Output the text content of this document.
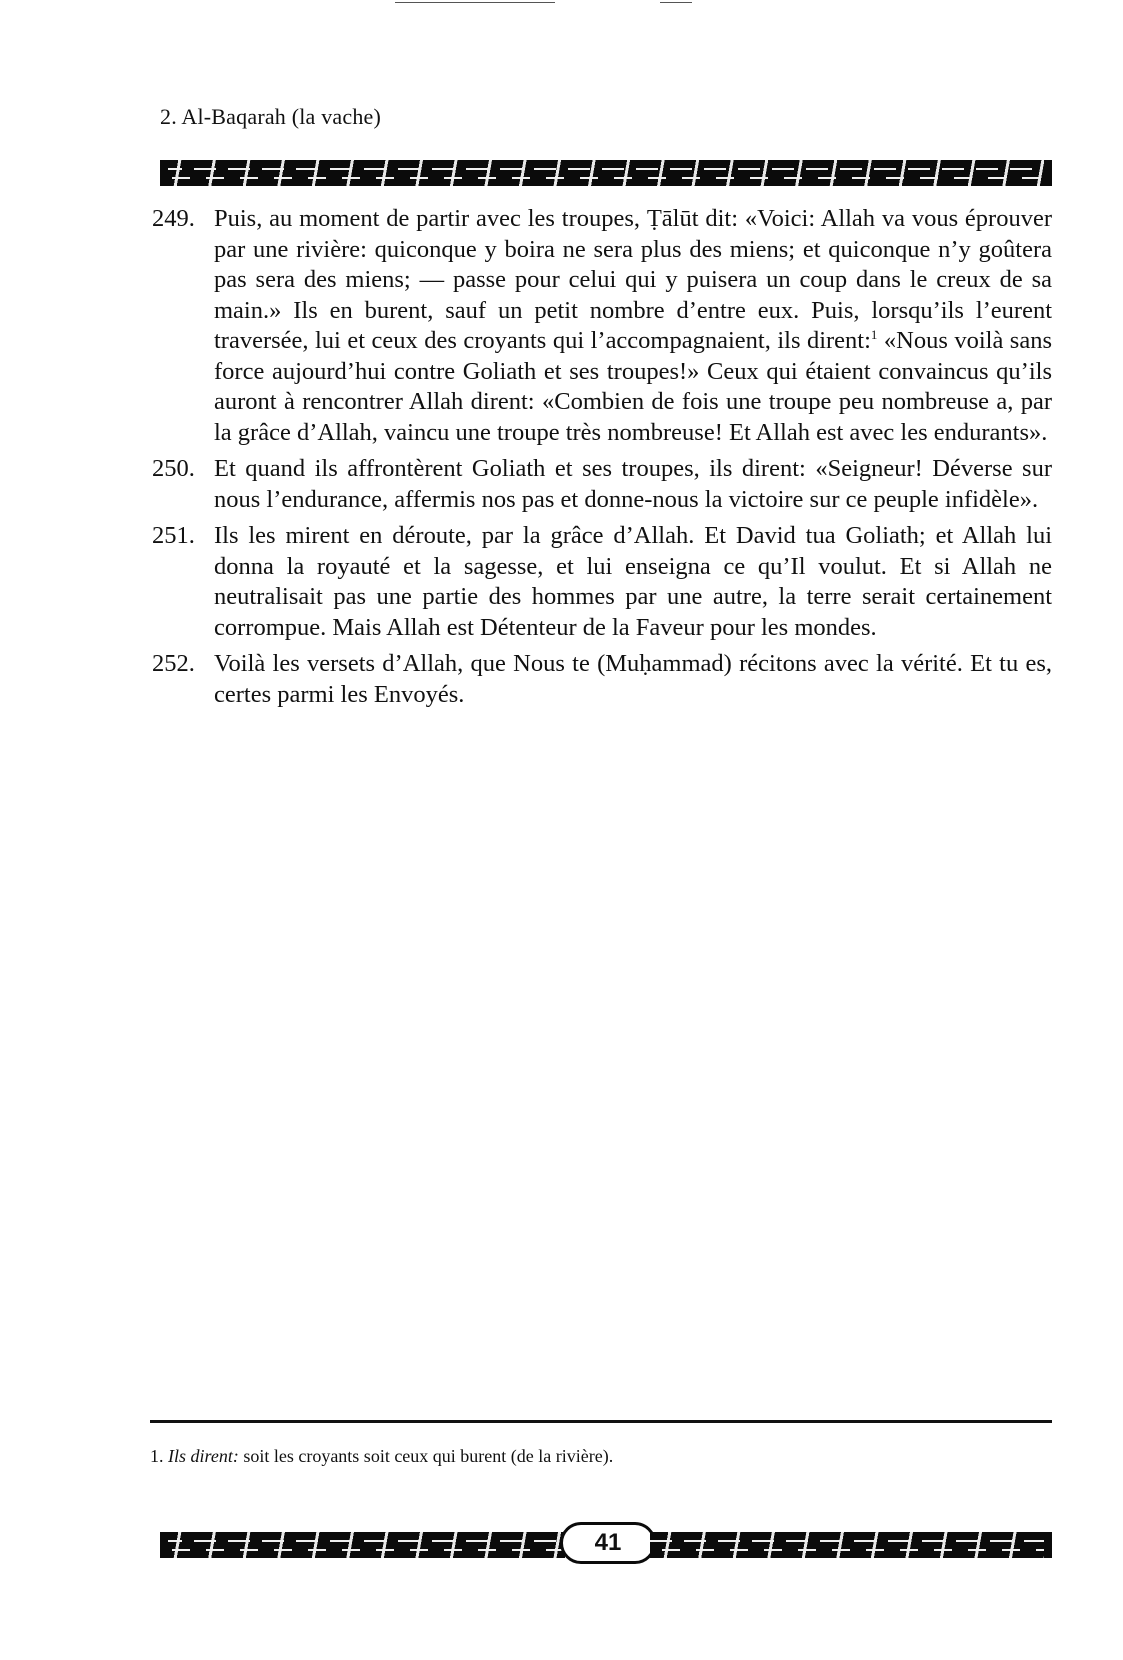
2. Al-Baqarah (la vache)
249. Puis, au moment de partir avec les troupes, Ṭālūt dit: «Voici: Allah va vous éprouver par une rivière: quiconque y boira ne sera plus des miens; et quiconque n’y goûtera pas sera des miens; — passe pour celui qui y puisera un coup dans le creux de sa main.» Ils en burent, sauf un petit nombre d’entre eux. Puis, lorsqu’ils l’eurent traversée, lui et ceux des croyants qui l’accompagnaient, ils dirent:$^1$ «Nous voilà sans force aujourd’hui contre Goliath et ses troupes!» Ceux qui étaient convaincus qu’ils auront à rencontrer Allah dirent: «Combien de fois une troupe peu nombreuse a, par la grâce d’Allah, vaincu une troupe très nombreuse! Et Allah est avec les endurants».
250. Et quand ils affrontèrent Goliath et ses troupes, ils dirent: «Seigneur! Déverse sur nous l’endurance, affermis nos pas et donne-nous la victoire sur ce peuple infidèle».
251. Ils les mirent en déroute, par la grâce d’Allah. Et David tua Goliath; et Allah lui donna la royauté et la sagesse, et lui enseigna ce qu’Il voulut. Et si Allah ne neutralisait pas une partie des hommes par une autre, la terre serait certainement corrompue. Mais Allah est Détenteur de la Faveur pour les mondes.
252. Voilà les versets d’Allah, que Nous te (Muḥammad) récitons avec la vérité. Et tu es, certes parmi les Envoyés.
1. Ils dirent: soit les croyants soit ceux qui burent (de la rivière).
41
